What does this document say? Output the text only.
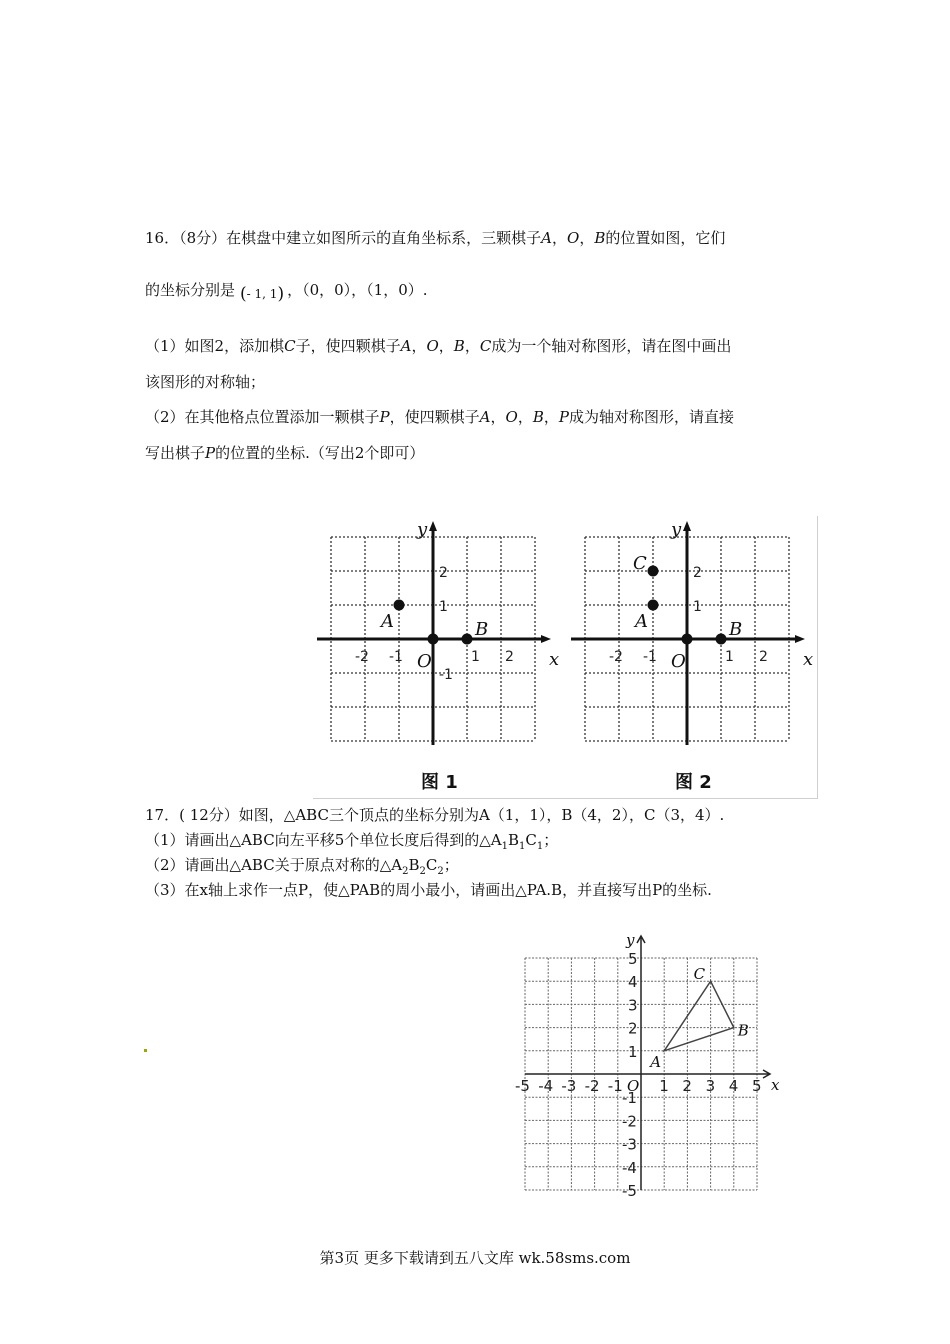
16．（8分）在棋盘中建立如图所示的直角坐标系，三颗棋子A，O，B的位置如图，它们
的坐标分别是( - 1, 1 ) ，（0，0），（1，0）.
（1）如图2，添加棋C子，使四颗棋子A，O，B，C成为一个轴对称图形，请在图中画出
该图形的对称轴；
（2）在其他格点位置添加一颗棋子P，使四颗棋子A，O，B，P成为轴对称图形，请直接
写出棋子P的位置的坐标.（写出2个即可）
x
y
O
-2 -1	1 2
2
1
-1
A	B
图 1
x
y
O
-2 -1	1 2
2
1
C
A	B
图 2
17．( 12分）如图，△ABC三个顶点的坐标分别为A（1，1），B（4，2），C（3，4）.
（1）请画出△ABC向左平移5个单位长度后得到的$\triangle A_1B_1C_1$；
（2）请画出△ABC关于原点对称的$\triangle A_2B_2C_2$；
（3）在x轴上求作一点P，使△PAB的周小最小，请画出△PA.B，并直接写出P的坐标.
x
y
O
-5 -4 -3 -2 -1 1 2 3 4 5
5
4
3
2
1
-1
-2
-3
-4
-5
A
B
C
第3页 更多下载请到五八文库 wk.58sms.com
